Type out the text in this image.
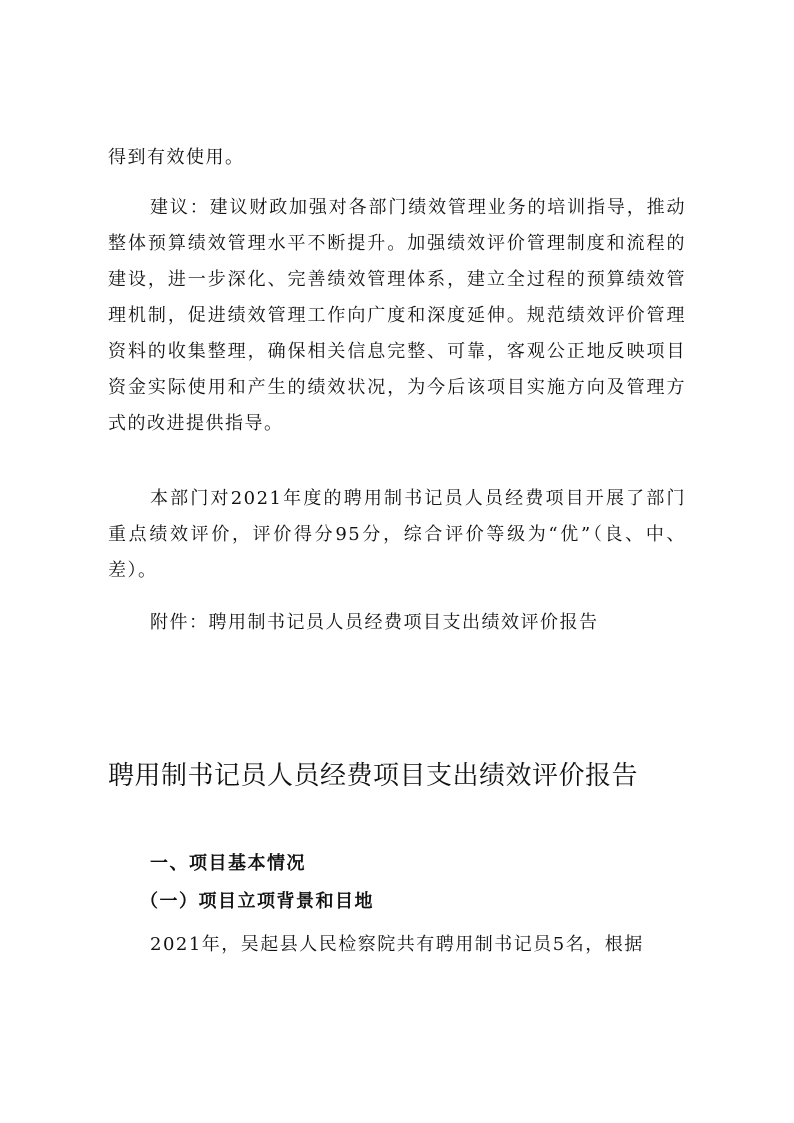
得到有效使用。

建议：建议财政加强对各部门绩效管理业务的培训指导，推动整体预算绩效管理水平不断提升。加强绩效评价管理制度和流程的建设，进一步深化、完善绩效管理体系，建立全过程的预算绩效管理机制，促进绩效管理工作向广度和深度延伸。规范绩效评价管理资料的收集整理，确保相关信息完整、可靠，客观公正地反映项目资金实际使用和产生的绩效状况，为今后该项目实施方向及管理方式的改进提供指导。

本部门对2021年度的聘用制书记员人员经费项目开展了部门重点绩效评价，评价得分95分，综合评价等级为“优”（良、中、差）。

附件：聘用制书记员人员经费项目支出绩效评价报告

聘用制书记员人员经费项目支出绩效评价报告
一、项目基本情况
（一）项目立项背景和目地

2021年，吴起县人民检察院共有聘用制书记员5名，根据
